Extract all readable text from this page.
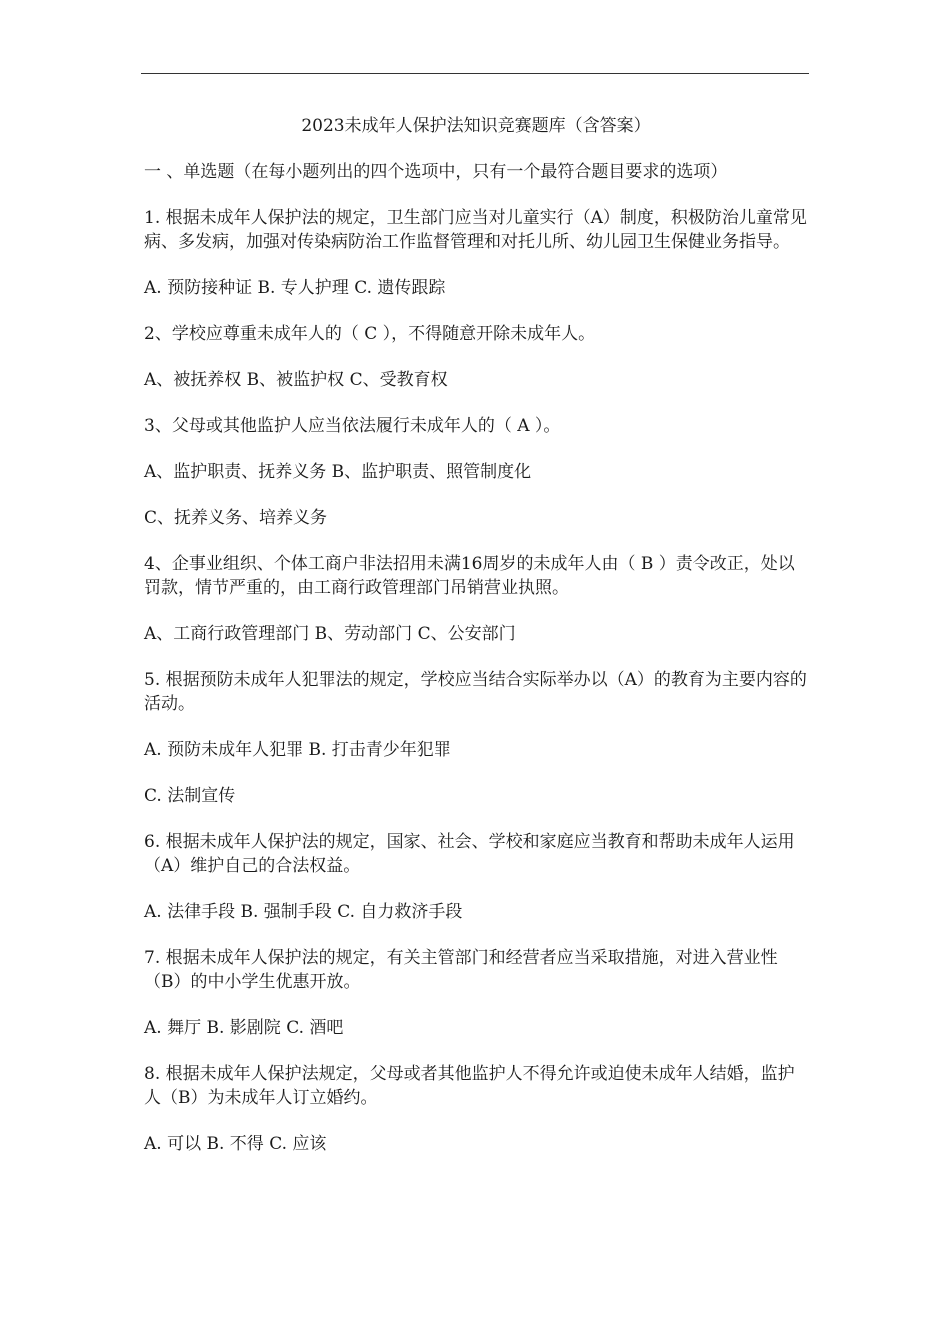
2023未成年人保护法知识竞赛题库（含答案）

一 、单选题（在每小题列出的四个选项中，只有一个最符合题目要求的选项）

1. 根据未成年人保护法的规定，卫生部门应当对儿童实行（A）制度，积极防治儿童常见病、多发病，加强对传染病防治工作监督管理和对托儿所、幼儿园卫生保健业务指导。

A. 预防接种证 B. 专人护理 C. 遗传跟踪

2、学校应尊重未成年人的（ C ），不得随意开除未成年人。

A、被抚养权 B、被监护权 C、受教育权

3、父母或其他监护人应当依法履行未成年人的（ A ）。

A、监护职责、抚养义务 B、监护职责、照管制度化

C、抚养义务、培养义务

4、企事业组织、个体工商户非法招用未满16周岁的未成年人由（ B ）责令改正，处以罚款，情节严重的，由工商行政管理部门吊销营业执照。

A、工商行政管理部门 B、劳动部门 C、公安部门

5. 根据预防未成年人犯罪法的规定，学校应当结合实际举办以（A）的教育为主要内容的活动。

A. 预防未成年人犯罪 B. 打击青少年犯罪

C. 法制宣传

6. 根据未成年人保护法的规定，国家、社会、学校和家庭应当教育和帮助未成年人运用（A）维护自己的合法权益。

A. 法律手段 B. 强制手段 C. 自力救济手段

7. 根据未成年人保护法的规定，有关主管部门和经营者应当采取措施，对进入营业性（B）的中小学生优惠开放。

A. 舞厅 B. 影剧院 C. 酒吧

8. 根据未成年人保护法规定，父母或者其他监护人不得允许或迫使未成年人结婚，监护人（B）为未成年人订立婚约。

A. 可以 B. 不得 C. 应该
